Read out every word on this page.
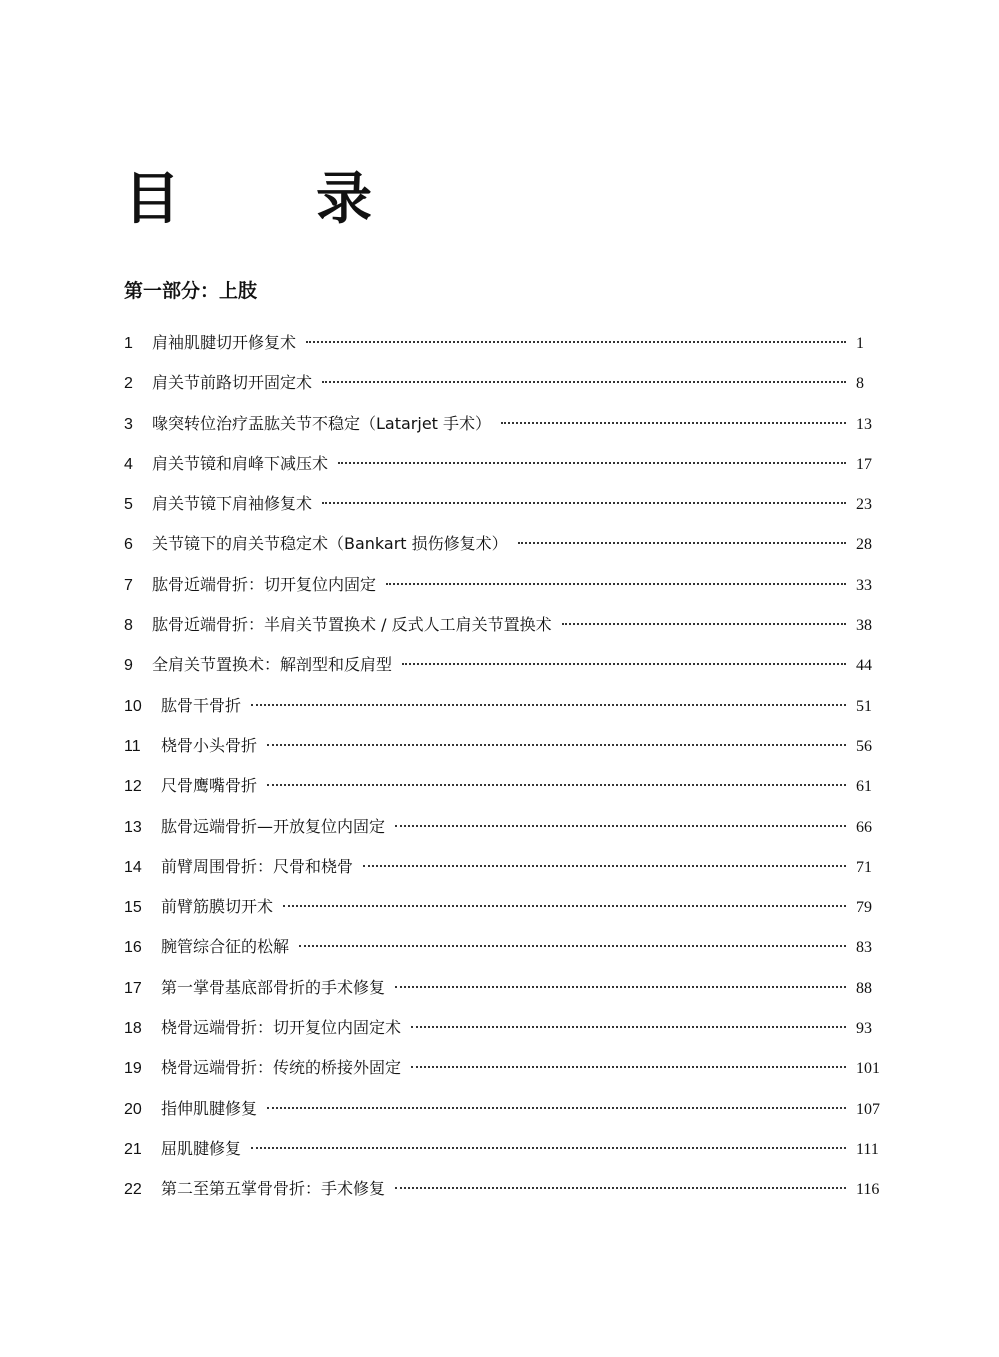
目　录
第一部分：上肢
1	肩袖肌腱切开修复术	1
2	肩关节前路切开固定术	8
3	喙突转位治疗盂肱关节不稳定（Latarjet 手术）	13
4	肩关节镜和肩峰下减压术	17
5	肩关节镜下肩袖修复术	23
6	关节镜下的肩关节稳定术（Bankart 损伤修复术）	28
7	肱骨近端骨折：切开复位内固定	33
8	肱骨近端骨折：半肩关节置换术 / 反式人工肩关节置换术	38
9	全肩关节置换术：解剖型和反肩型	44
10	肱骨干骨折	51
11	桡骨小头骨折	56
12	尺骨鹰嘴骨折	61
13	肱骨远端骨折—开放复位内固定	66
14	前臂周围骨折：尺骨和桡骨	71
15	前臂筋膜切开术	79
16	腕管综合征的松解	83
17	第一掌骨基底部骨折的手术修复	88
18	桡骨远端骨折：切开复位内固定术	93
19	桡骨远端骨折：传统的桥接外固定	101
20	指伸肌腱修复	107
21	屈肌腱修复	111
22	第二至第五掌骨骨折：手术修复	116
